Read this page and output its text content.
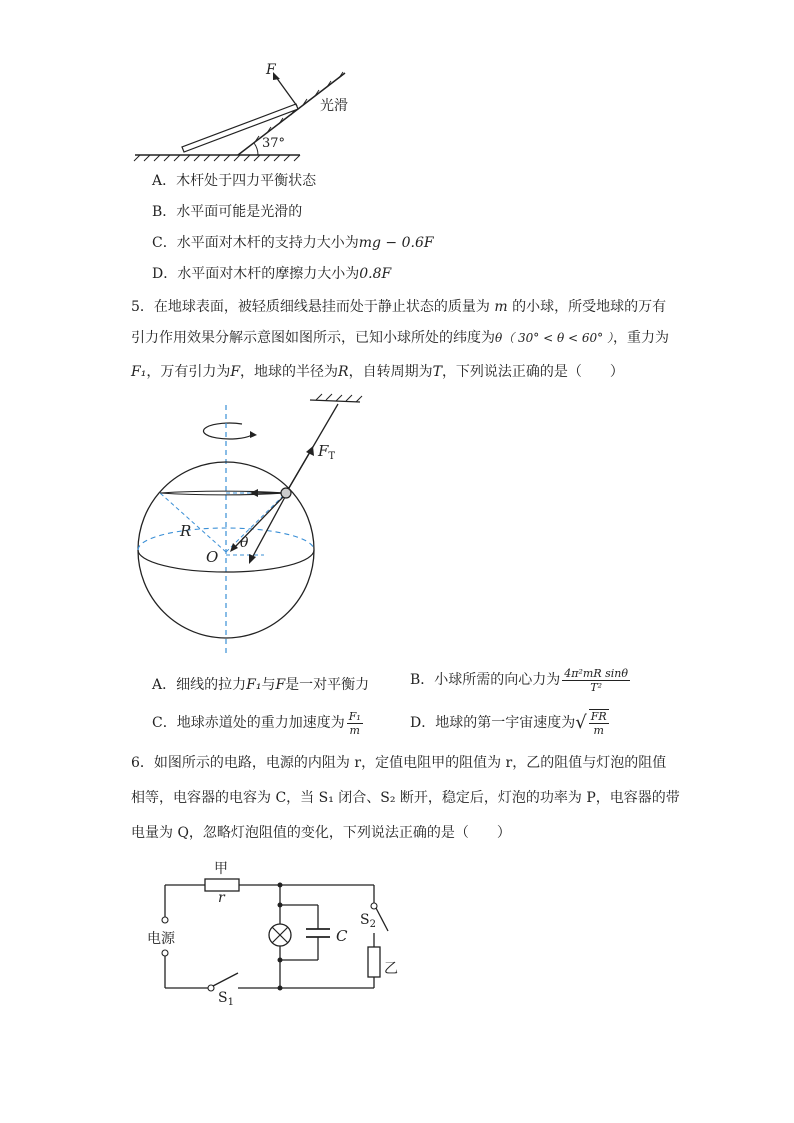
F
光滑
37°
A．木杆处于四力平衡状态
B．水平面可能是光滑的
C．水平面对木杆的支持力大小为mg − 0.6F
D．水平面对木杆的摩擦力大小为0.8F
5．在地球表面，被轻质细线悬挂而处于静止状态的质量为 m 的小球，所受地球的万有
引力作用效果分解示意图如图所示，已知小球所处的纬度为θ（ 30° < θ < 60° ），重力为
F₁，万有引力为F，地球的半径为R，自转周期为T，下列说法正确的是（　　）
$F_T$
R
O
θ
A．细线的拉力F₁与F是一对平衡力	B．小球所需的向心力为 $\frac{\text{4π²mR sinθ}}{\text{T²}}$
C．地球赤道处的重力加速度为 $\frac{\text{F₁}}{m}$	D．地球的第一宇宙速度为√ $\frac{FR}{m}$
6．如图所示的电路，电源的内阻为 r，定值电阻甲的阻值为 r，乙的阻值与灯泡的阻值
相等，电容器的电容为 C，当 S₁ 闭合、S₂ 断开，稳定后，灯泡的功率为 P，电容器的带
电量为 Q，忽略灯泡阻值的变化，下列说法正确的是（　　）
甲
r
电源	C
$S_2$
乙
$S_1$
